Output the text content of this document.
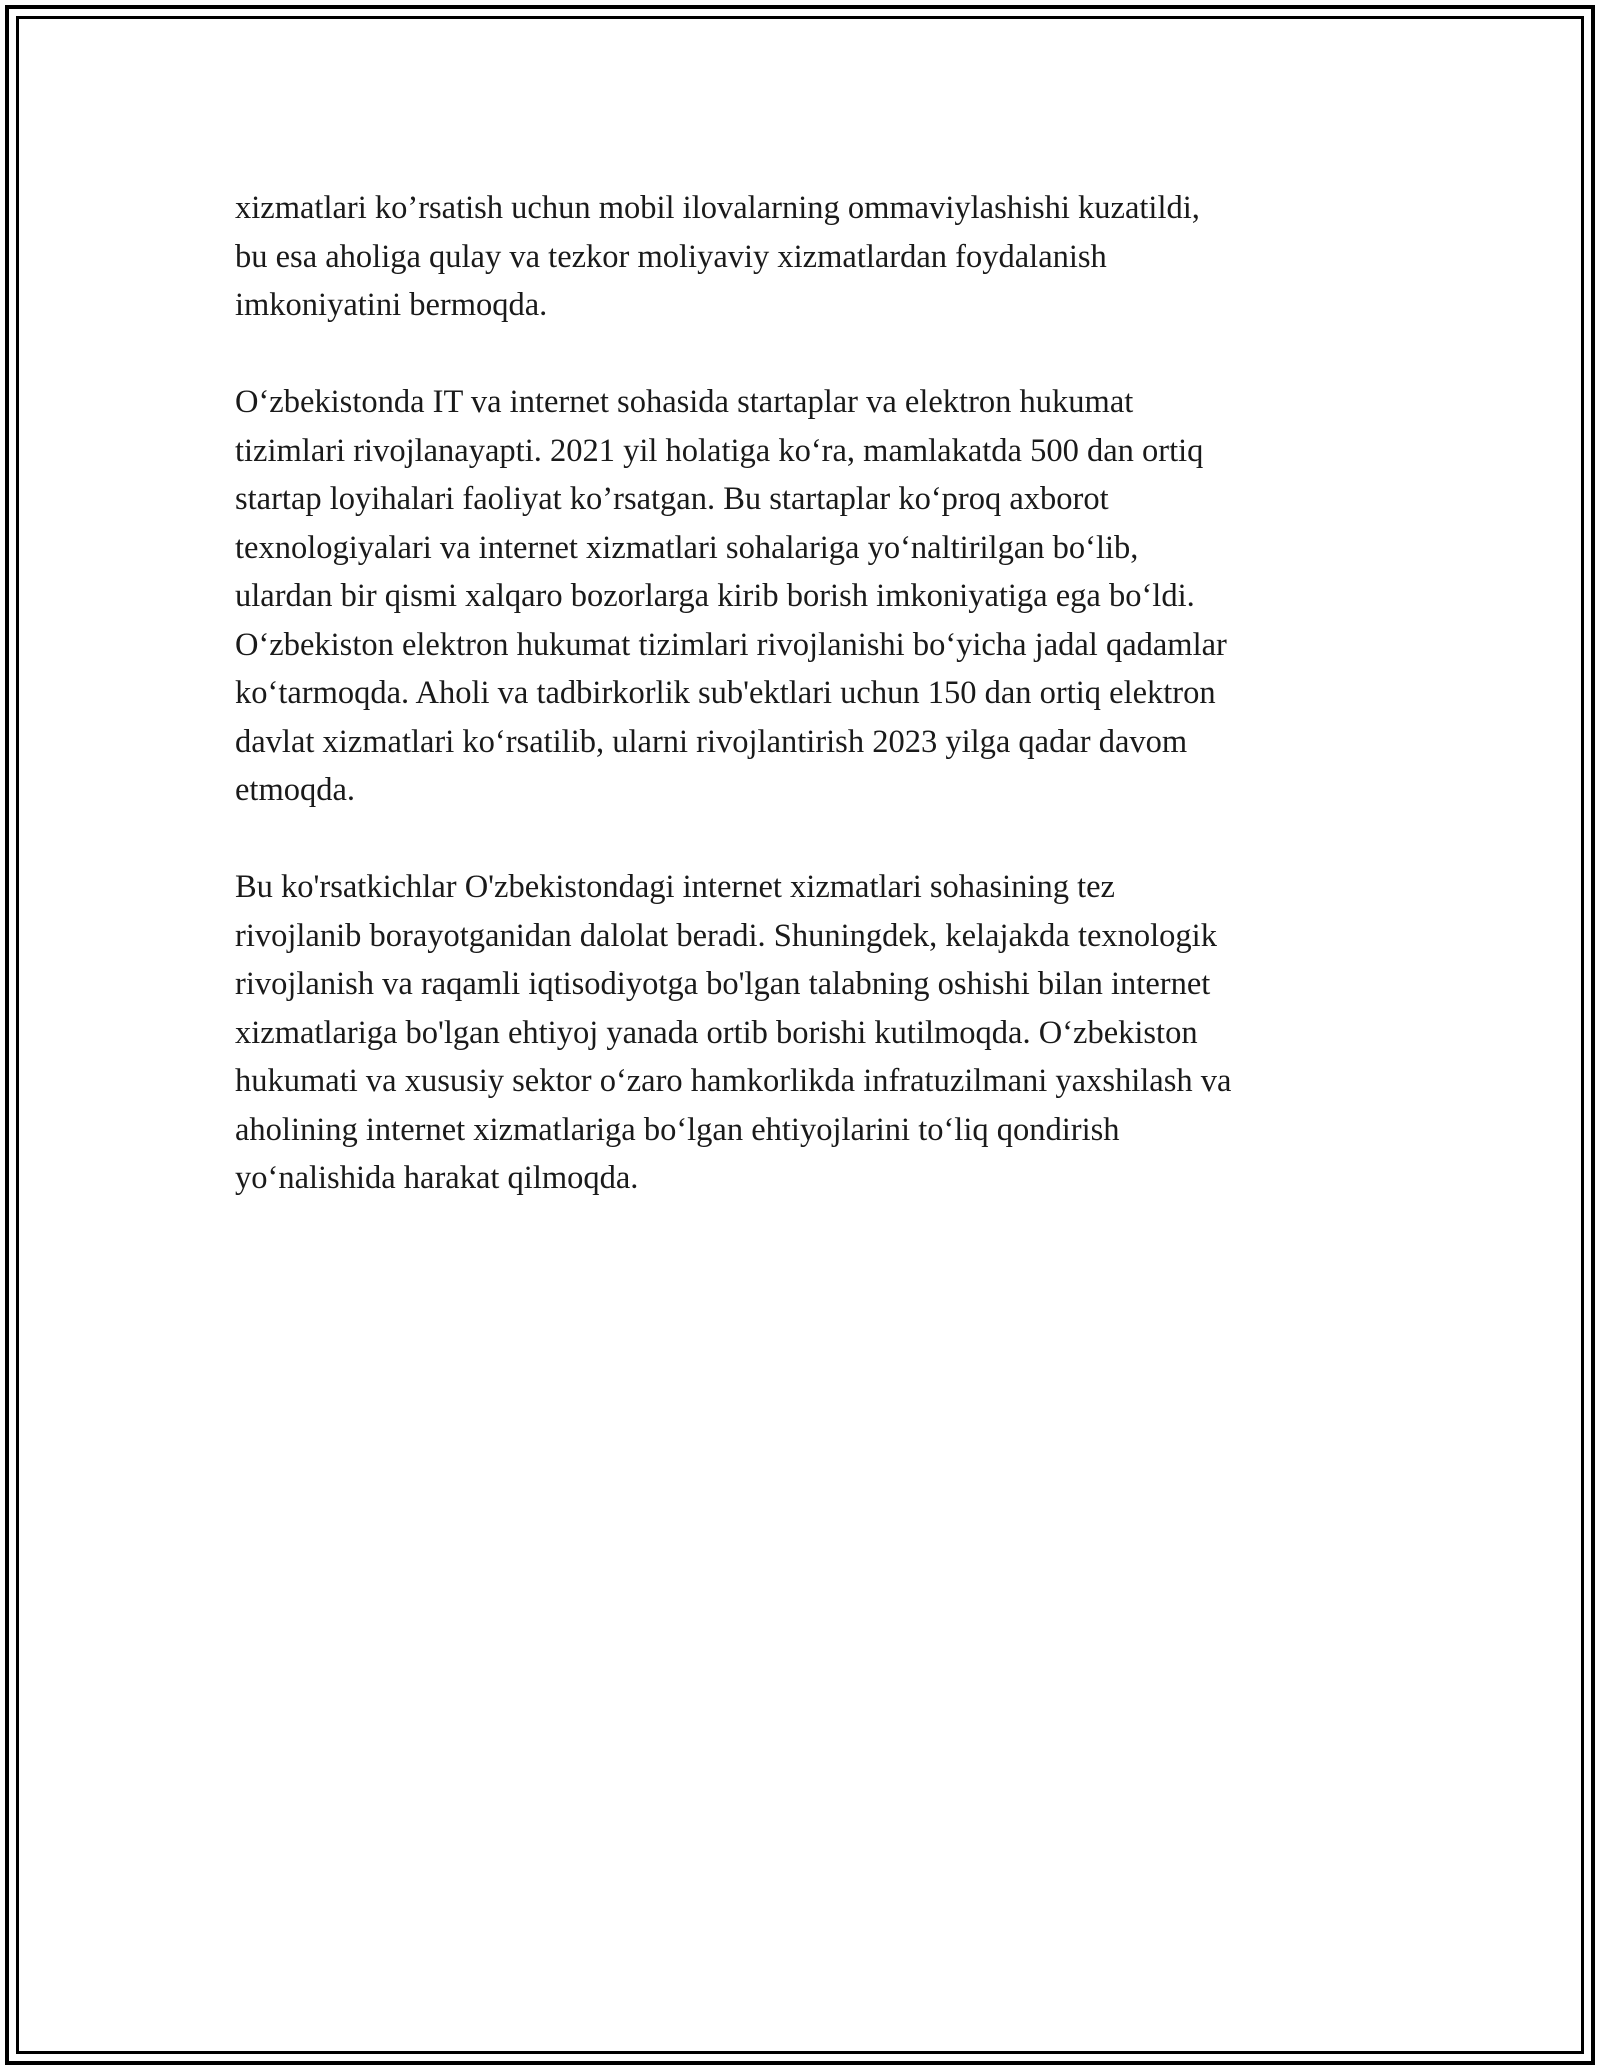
xizmatlari ko’rsatish uchun mobil ilovalarning ommaviylashishi kuzatildi,
bu esa aholiga qulay va tezkor moliyaviy xizmatlardan foydalanish
imkoniyatini bermoqda.

O‘zbekistonda IT va internet sohasida startaplar va elektron hukumat
tizimlari rivojlanayapti. 2021 yil holatiga ko‘ra, mamlakatda 500 dan ortiq
startap loyihalari faoliyat ko’rsatgan. Bu startaplar ko‘proq axborot
texnologiyalari va internet xizmatlari sohalariga yo‘naltirilgan bo‘lib,
ulardan bir qismi xalqaro bozorlarga kirib borish imkoniyatiga ega bo‘ldi.
O‘zbekiston elektron hukumat tizimlari rivojlanishi bo‘yicha jadal qadamlar
ko‘tarmoqda. Aholi va tadbirkorlik sub'ektlari uchun 150 dan ortiq elektron
davlat xizmatlari ko‘rsatilib, ularni rivojlantirish 2023 yilga qadar davom
etmoqda.

Bu ko'rsatkichlar O'zbekistondagi internet xizmatlari sohasining tez
rivojlanib borayotganidan dalolat beradi. Shuningdek, kelajakda texnologik
rivojlanish va raqamli iqtisodiyotga bo'lgan talabning oshishi bilan internet
xizmatlariga bo'lgan ehtiyoj yanada ortib borishi kutilmoqda. O‘zbekiston
hukumati va xususiy sektor o‘zaro hamkorlikda infratuzilmani yaxshilash va
aholining internet xizmatlariga bo‘lgan ehtiyojlarini to‘liq qondirish
yo‘nalishida harakat qilmoqda.
